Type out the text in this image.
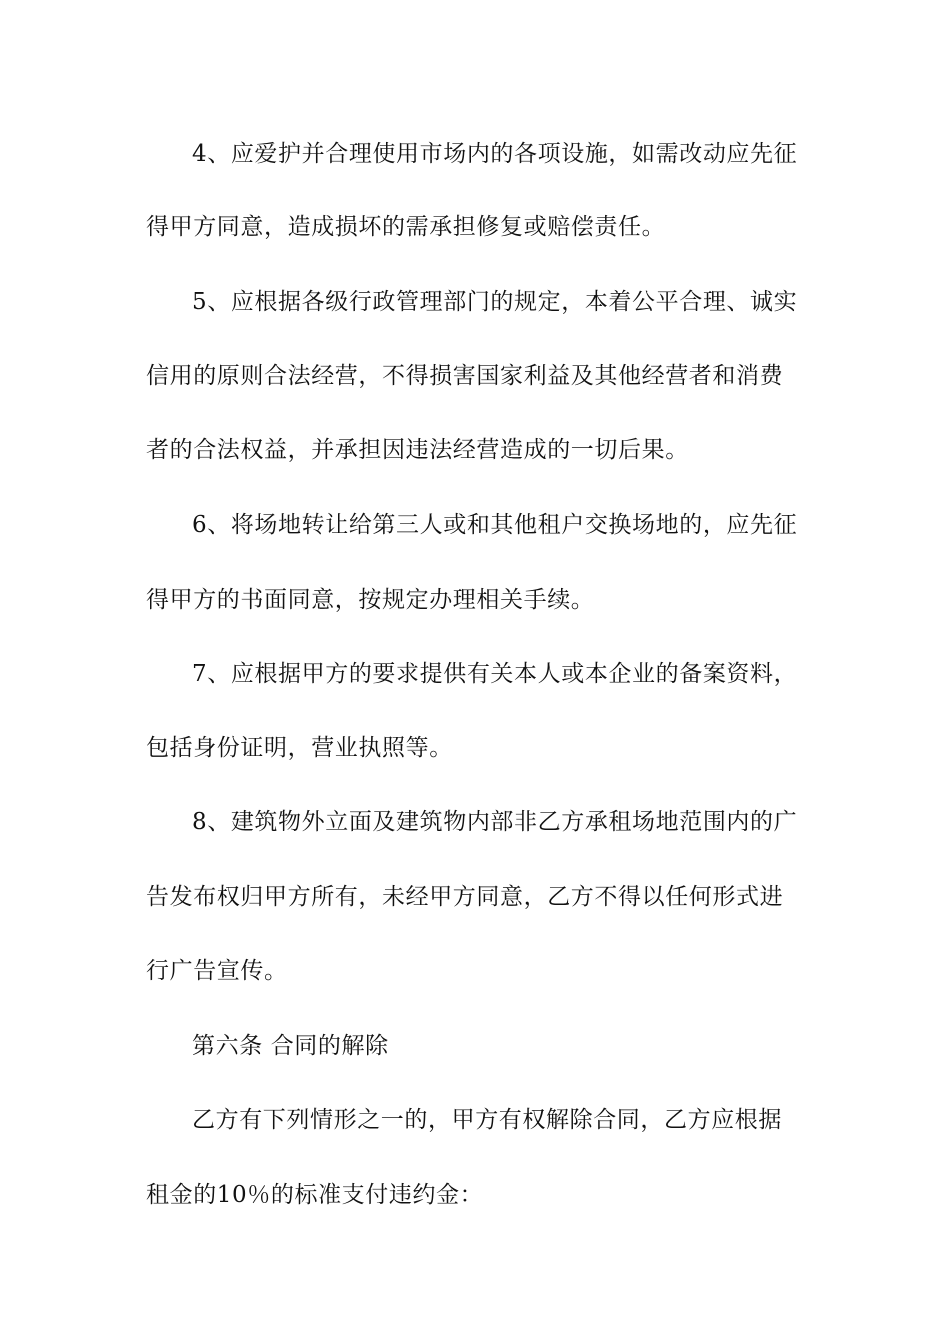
4、应爱护并合理使用市场内的各项设施，如需改动应先征
得甲方同意，造成损坏的需承担修复或赔偿责任。
5、应根据各级行政管理部门的规定，本着公平合理、诚实
信用的原则合法经营，不得损害国家利益及其他经营者和消费
者的合法权益，并承担因违法经营造成的一切后果。
6、将场地转让给第三人或和其他租户交换场地的，应先征
得甲方的书面同意，按规定办理相关手续。
7、应根据甲方的要求提供有关本人或本企业的备案资料，
包括身份证明，营业执照等。
8、建筑物外立面及建筑物内部非乙方承租场地范围内的广
告发布权归甲方所有，未经甲方同意，乙方不得以任何形式进
行广告宣传。
第六条 合同的解除
乙方有下列情形之一的，甲方有权解除合同，乙方应根据
租金的10％的标准支付违约金：
